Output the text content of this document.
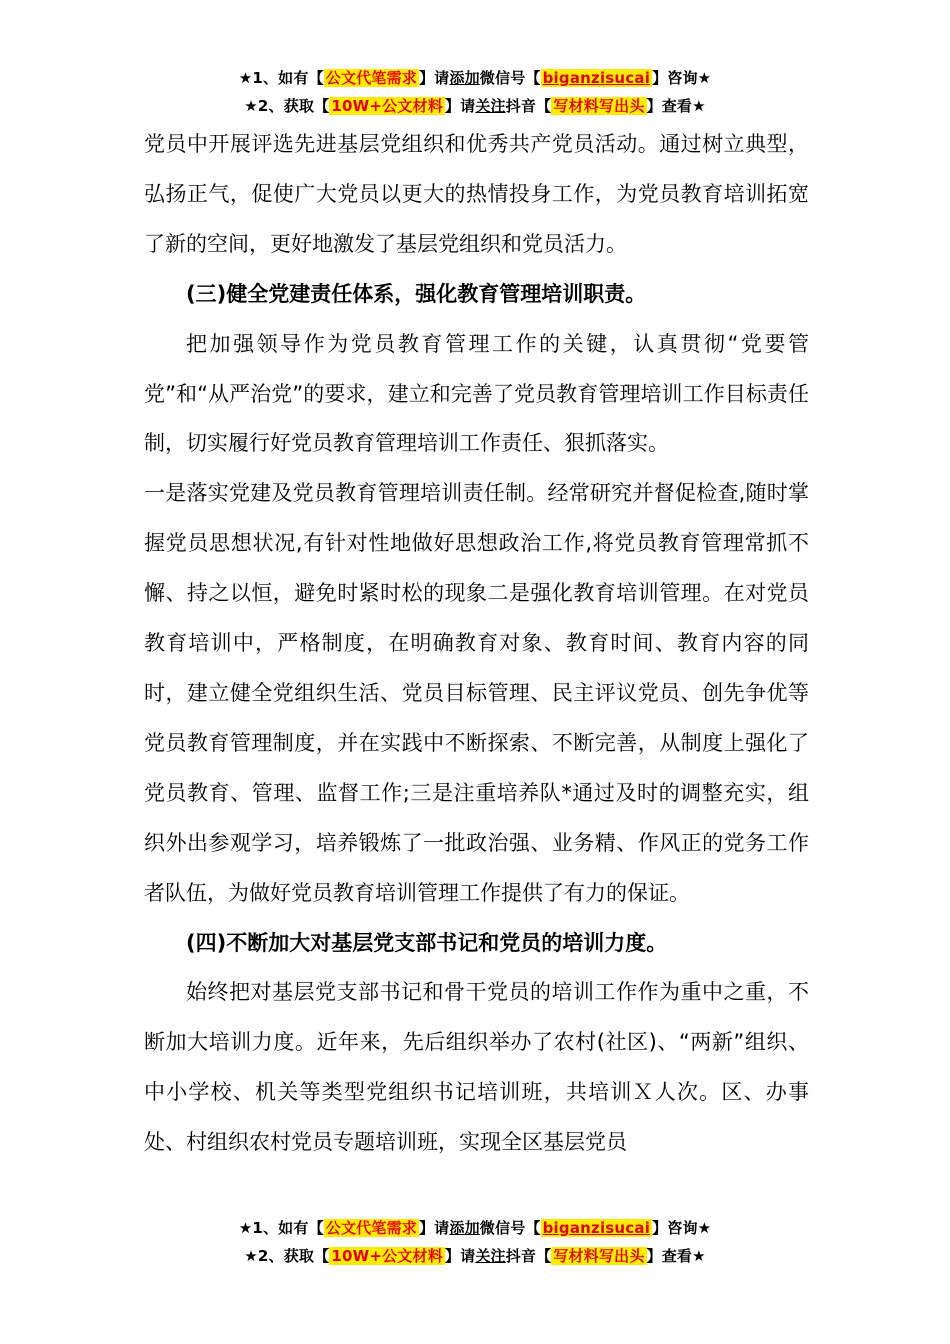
★1、如有【 公文代笔需求 】请添加微信号【 biganzisucai 】咨询★
★2、获取【 10W+公文材料 】请关注抖音【 写材料写出头 】查看★

党员中开展评选先进基层党组织和优秀共产党员活动。通过树立典型，弘扬正气，促使广大党员以更大的热情投身工作，为党员教育培训拓宽了新的空间，更好地激发了基层党组织和党员活力。

(三)健全党建责任体系，强化教育管理培训职责。

把加强领导作为党员教育管理工作的关键，认真贯彻“党要管党”和“从严治党”的要求，建立和完善了党员教育管理培训工作目标责任制，切实履行好党员教育管理培训工作责任、狠抓落实。

一是落实党建及党员教育管理培训责任制。经常研究并督促检查,随时掌握党员思想状况,有针对性地做好思想政治工作,将党员教育管理常抓不懈、持之以恒，避免时紧时松的现象二是强化教育培训管理。在对党员教育培训中，严格制度，在明确教育对象、教育时间、教育内容的同时，建立健全党组织生活、党员目标管理、民主评议党员、创先争优等党员教育管理制度，并在实践中不断探索、不断完善，从制度上强化了党员教育、管理、监督工作;三是注重培养队*通过及时的调整充实，组织外出参观学习，培养锻炼了一批政治强、业务精、作风正的党务工作者队伍，为做好党员教育培训管理工作提供了有力的保证。

(四)不断加大对基层党支部书记和党员的培训力度。

始终把对基层党支部书记和骨干党员的培训工作作为重中之重，不断加大培训力度。近年来，先后组织举办了农村(社区)、“两新”组织、中小学校、机关等类型党组织书记培训班，共培训Ｘ人次。区、办事处、村组织农村党员专题培训班，实现全区基层党员

★1、如有【 公文代笔需求 】请添加微信号【 biganzisucai 】咨询★
★2、获取【 10W+公文材料 】请关注抖音【 写材料写出头 】查看★
